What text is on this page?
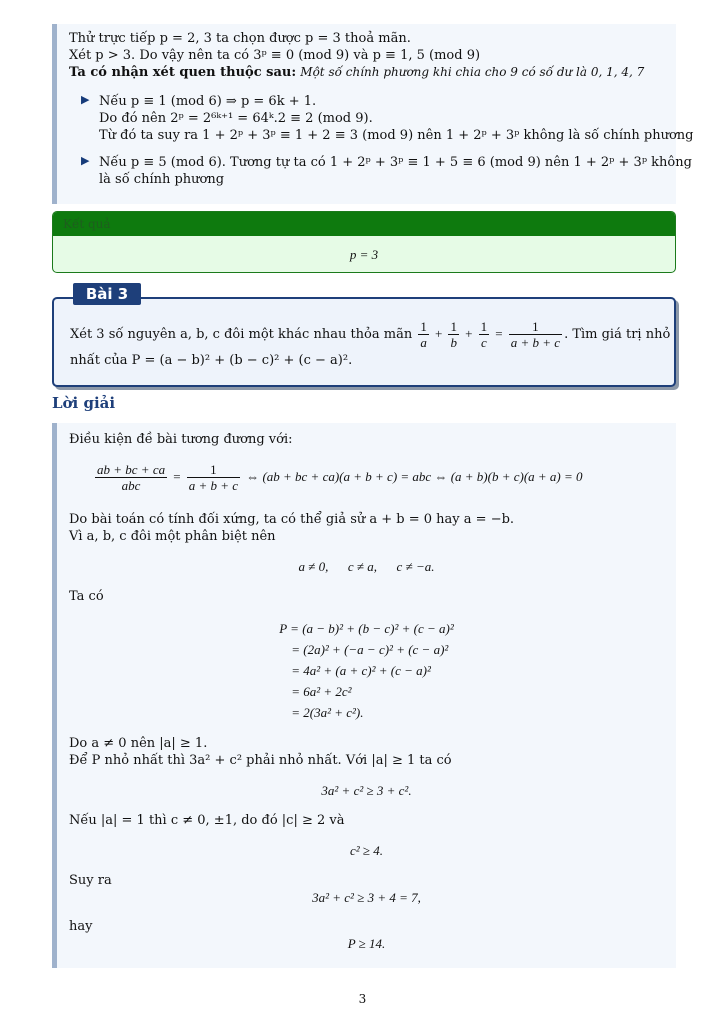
Thử trực tiếp p = 2, 3 ta chọn được p = 3 thoả mãn.
Xét p > 3. Do vậy nên ta có 3ᵖ ≡ 0 (mod 9) và p ≡ 1, 5 (mod 9)
Ta có nhận xét quen thuộc sau: Một số chính phương khi chia cho 9 có số dư là 0, 1, 4, 7
▶ Nếu p ≡ 1 (mod 6) ⇒ p = 6k + 1.
Do đó nên 2ᵖ = 2⁶ᵏ⁺¹ = 64ᵏ.2 ≡ 2 (mod 9).
Từ đó ta suy ra 1 + 2ᵖ + 3ᵖ ≡ 1 + 2 ≡ 3 (mod 9) nên 1 + 2ᵖ + 3ᵖ không là số chính phương
▶ Nếu p ≡ 5 (mod 6). Tương tự ta có 1 + 2ᵖ + 3ᵖ ≡ 1 + 5 ≡ 6 (mod 9) nên 1 + 2ᵖ + 3ᵖ không
là số chính phương
Kết quả
p = 3
Xét 3 số nguyên a, b, c đôi một khác nhau thỏa mãn $\frac{1}{a} + \frac{1}{b} + \frac{1}{c} = \frac{1}{a + b + c}$ . Tìm giá trị nhỏ
nhất của P = (a − b)² + (b − c)² + (c − a)².
Bài 3
Lời giải
Điều kiện đề bài tương đương với:
$\frac{ab + bc + ca}{\text{abc}} = \frac{1}{a + b + c}$ ⇔ (ab + bc + ca)(a + b + c) = abc ⇔ (a + b)(b + c)(a + a) = 0
Do bài toán có tính đối xứng, ta có thể giả sử a + b = 0 hay a = −b.
Vì a, b, c đôi một phân biệt nên
a ≠ 0,      c ≠ a,      c ≠ −a.
Ta có
P = (a − b)² + (b − c)² + (c − a)²
= (2a)² + (−a − c)² + (c − a)²
= 4a² + (a + c)² + (c − a)²
= 6a² + 2c²
= 2(3a² + c²).
Do a ≠ 0 nên |a| ≥ 1.
Để P nhỏ nhất thì 3a² + c² phải nhỏ nhất. Với |a| ≥ 1 ta có
3a² + c² ≥ 3 + c².
Nếu |a| = 1 thì c ≠ 0, ±1, do đó |c| ≥ 2 và
c² ≥ 4.
Suy ra
3a² + c² ≥ 3 + 4 = 7,
hay
P ≥ 14.
3
